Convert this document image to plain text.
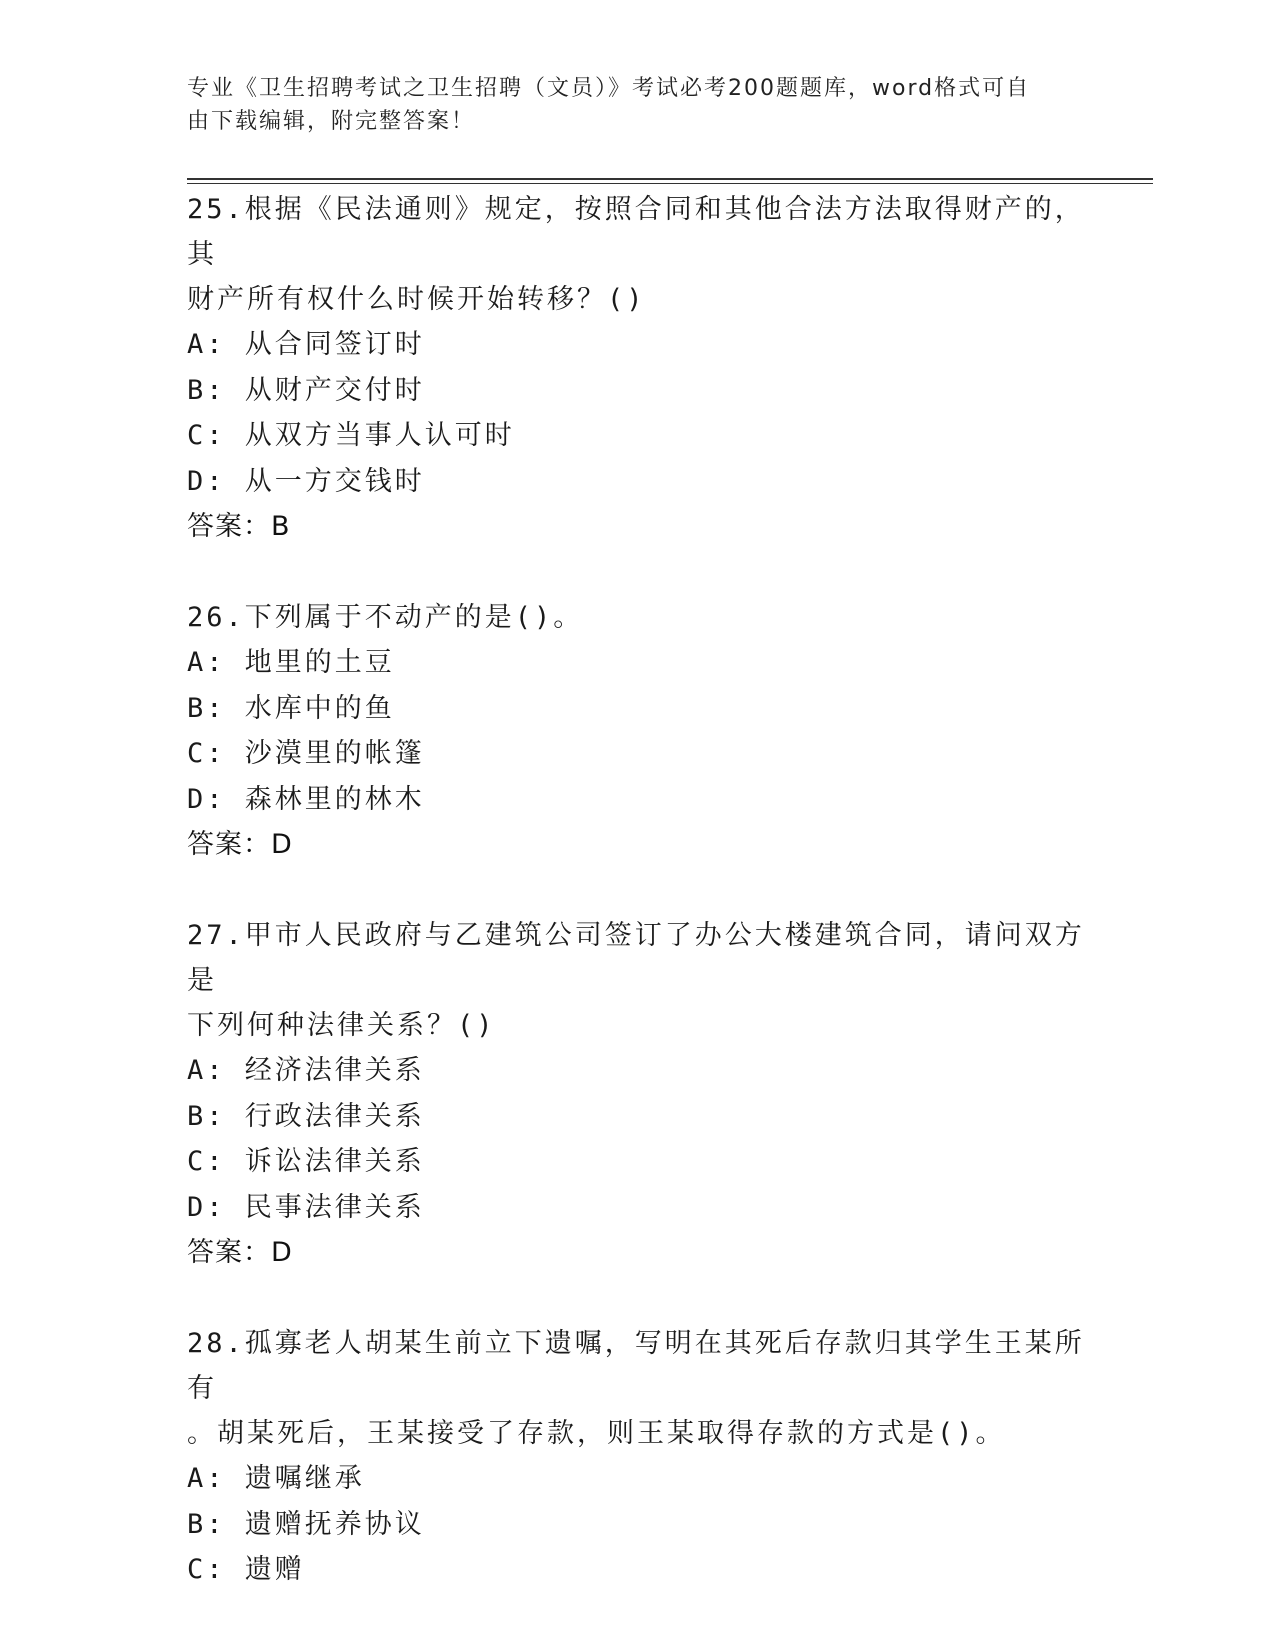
专业《卫生招聘考试之卫生招聘（文员）》考试必考200题题库，word格式可自
由下载编辑，附完整答案！
25.根据《民法通则》规定，按照合同和其他合法方法取得财产的，其
财产所有权什么时候开始转移？()
A: 从合同签订时
B: 从财产交付时
C: 从双方当事人认可时
D: 从一方交钱时
答案：B
26.下列属于不动产的是()。
A: 地里的土豆
B: 水库中的鱼
C: 沙漠里的帐篷
D: 森林里的林木
答案：D
27.甲市人民政府与乙建筑公司签订了办公大楼建筑合同，请问双方是
下列何种法律关系？()
A: 经济法律关系
B: 行政法律关系
C: 诉讼法律关系
D: 民事法律关系
答案：D
28.孤寡老人胡某生前立下遗嘱，写明在其死后存款归其学生王某所有
。胡某死后，王某接受了存款，则王某取得存款的方式是()。
A: 遗嘱继承
B: 遗赠抚养协议
C: 遗赠
